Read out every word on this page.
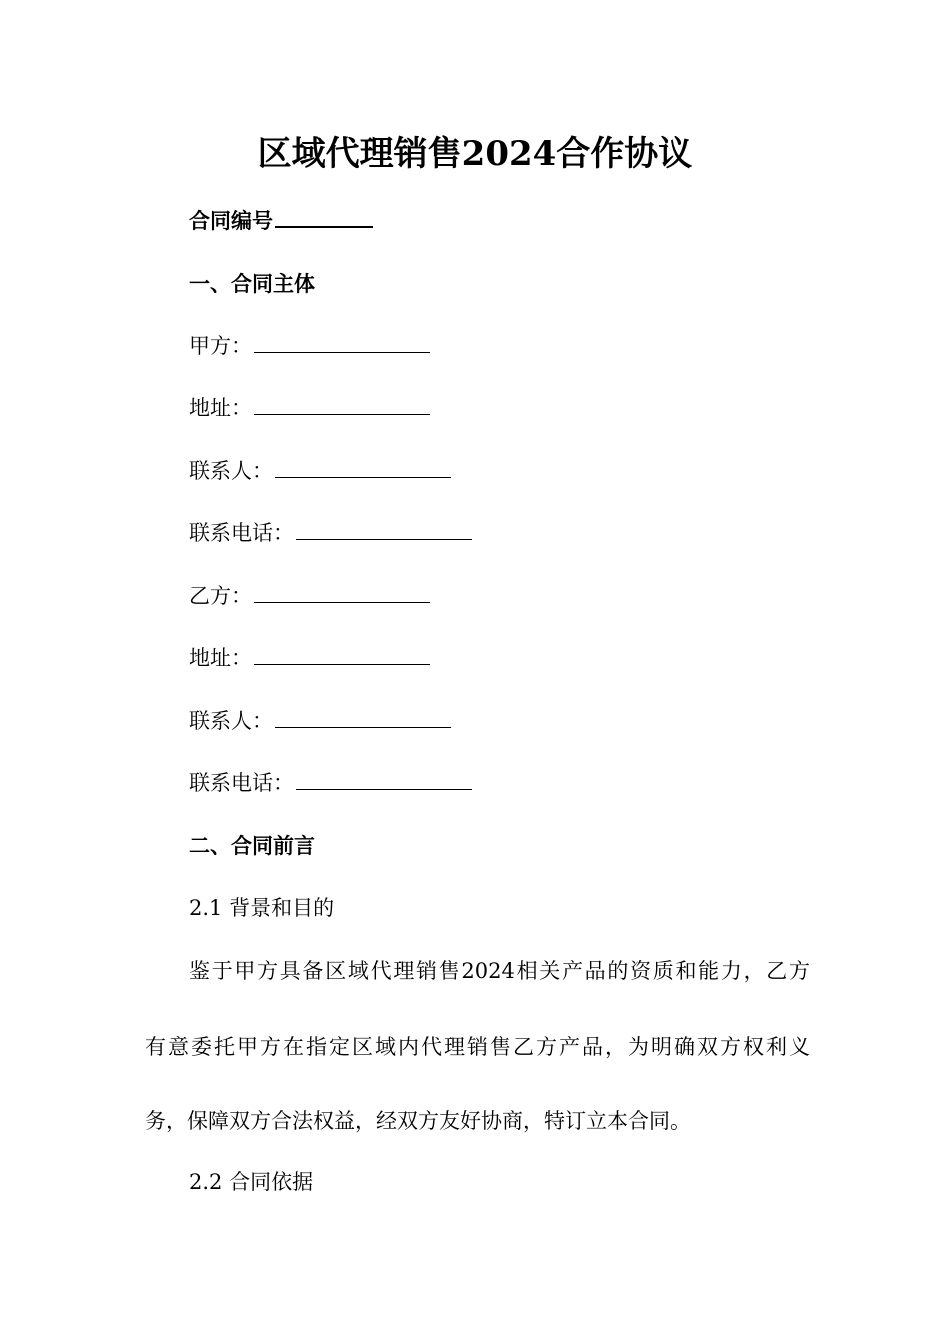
区域代理销售2024合作协议
合同编号
一、合同主体
甲方：
地址：
联系人：
联系电话：
乙方：
地址：
联系人：
联系电话：
二、合同前言
2.1 背景和目的
鉴于甲方具备区域代理销售2024相关产品的资质和能力，乙方
有意委托甲方在指定区域内代理销售乙方产品，为明确双方权利义
务，保障双方合法权益，经双方友好协商，特订立本合同。
2.2 合同依据
